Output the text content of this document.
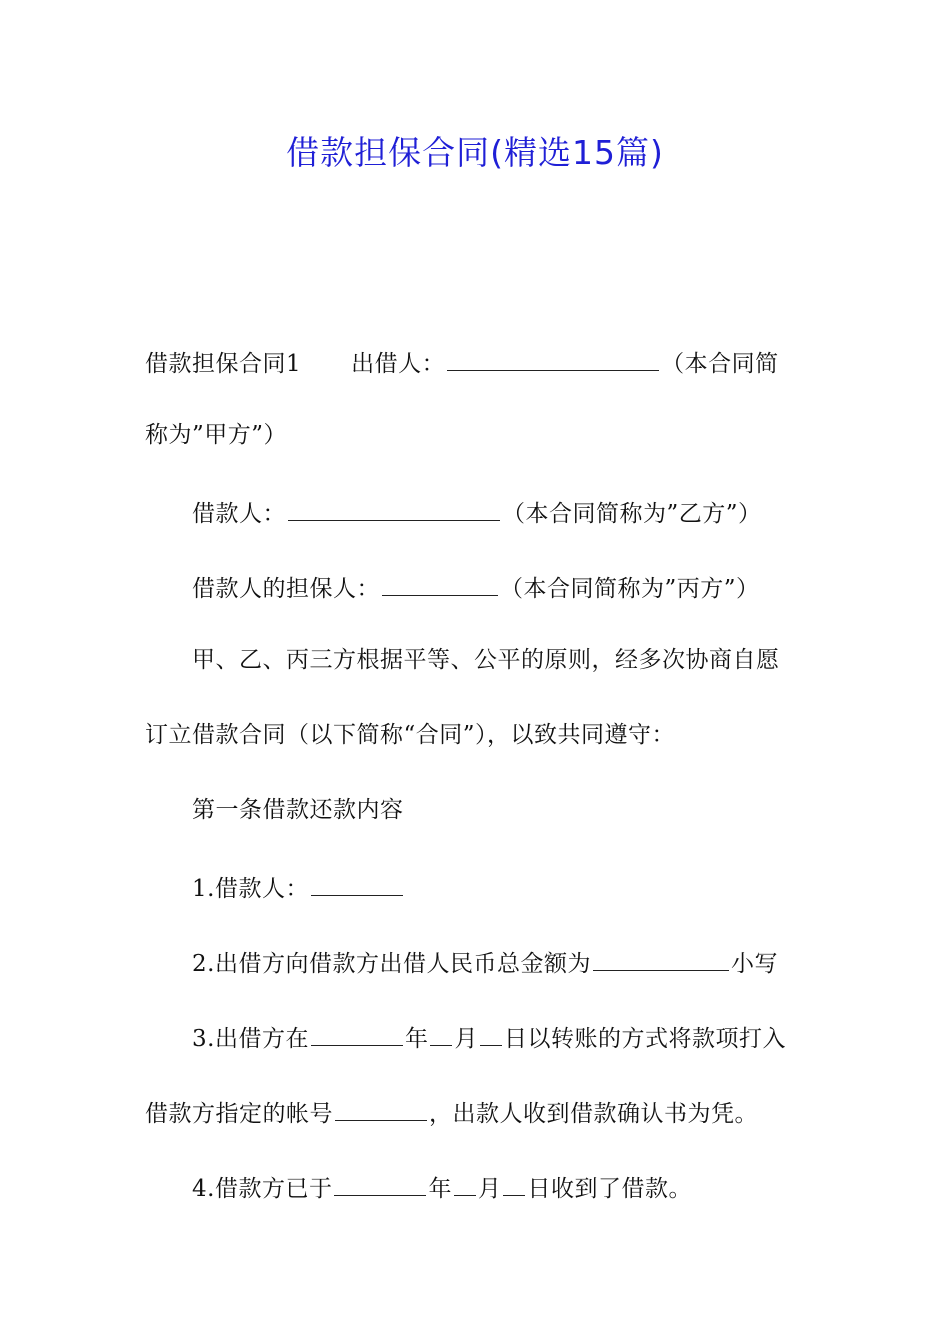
借款担保合同(精选15篇)
借款担保合同1 出借人：	（本合同简
称为”甲方”）
借款人：	（本合同简称为”乙方”）
借款人的担保人：	（本合同简称为”丙方”）
甲、乙、丙三方根据平等、公平的原则，经多次协商自愿
订立借款合同（以下简称“合同”），以致共同遵守：
第一条借款还款内容
1.借款人：
2.出借方向借款方出借人民币总金额为	小写
3.出借方在	年 月 日以转账的方式将款项打入
借款方指定的帐号	，出款人收到借款确认书为凭。
4.借款方已于	年 月 日收到了借款。
